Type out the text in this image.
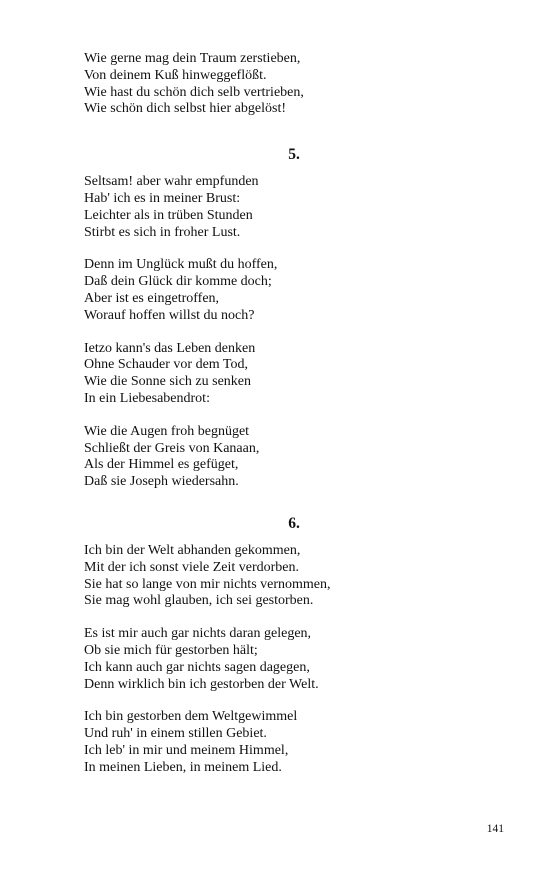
Wie gerne mag dein Traum zerstieben,
Von deinem Kuß hinweggeflößt.
Wie hast du schön dich selb vertrieben,
Wie schön dich selbst hier abgelöst!
5.
Seltsam! aber wahr empfunden
Hab' ich es in meiner Brust:
Leichter als in trüben Stunden
Stirbt es sich in froher Lust.
Denn im Unglück mußt du hoffen,
Daß dein Glück dir komme doch;
Aber ist es eingetroffen,
Worauf hoffen willst du noch?
Ietzo kann's das Leben denken
Ohne Schauder vor dem Tod,
Wie die Sonne sich zu senken
In ein Liebesabendrot:
Wie die Augen froh begnüget
Schließt der Greis von Kanaan,
Als der Himmel es gefüget,
Daß sie Joseph wiedersahn.
6.
Ich bin der Welt abhanden gekommen,
Mit der ich sonst viele Zeit verdorben.
Sie hat so lange von mir nichts vernommen,
Sie mag wohl glauben, ich sei gestorben.
Es ist mir auch gar nichts daran gelegen,
Ob sie mich für gestorben hält;
Ich kann auch gar nichts sagen dagegen,
Denn wirklich bin ich gestorben der Welt.
Ich bin gestorben dem Weltgewimmel
Und ruh' in einem stillen Gebiet.
Ich leb' in mir und meinem Himmel,
In meinen Lieben, in meinem Lied.
141
